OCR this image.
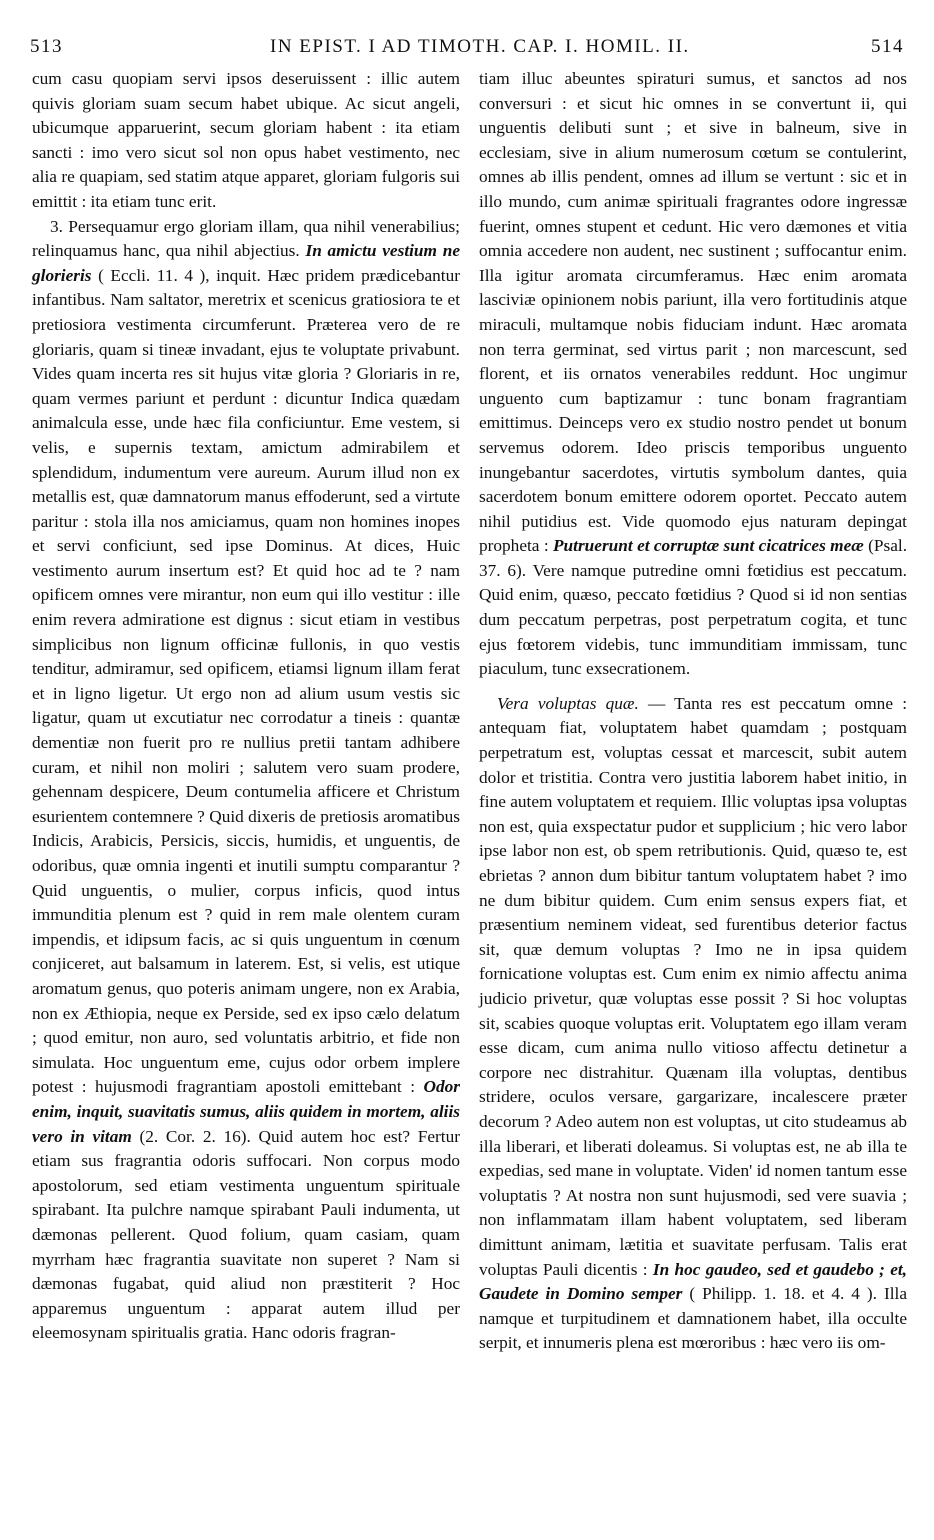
513	IN EPIST. I AD TIMOTH. CAP. I. HOMIL. II.	514

cum casu quopiam servi ipsos deseruissent : illic autem quivis gloriam suam secum habet ubique. Ac sicut angeli, ubicumque apparuerint, secum gloriam habent : ita etiam sancti : imo vero sicut sol non opus habet vestimento, nec alia re quapiam, sed statim atque apparet, gloriam fulgoris sui emittit : ita etiam tunc erit.

3. Persequamur ergo gloriam illam, qua nihil venerabilius; relinquamus hanc, qua nihil abjectius. In amictu vestium ne glorieris ( Eccli. 11. 4 ), inquit. Hæc pridem prædicebantur infantibus. Nam saltator, meretrix et scenicus gratiosiora te et pretiosiora vestimenta circumferunt. Præterea vero de re gloriaris, quam si tineæ invadant, ejus te voluptate privabunt. Vides quam incerta res sit hujus vitæ gloria ? Gloriaris in re, quam vermes pariunt et perdunt : dicuntur Indica quædam animalcula esse, unde hæc fila conficiuntur. Eme vestem, si velis, e supernis textam, amictum admirabilem et splendidum, indumentum vere aureum. Aurum illud non ex metallis est, quæ damnatorum manus effoderunt, sed a virtute paritur : stola illa nos amiciamus, quam non homines inopes et servi conficiunt, sed ipse Dominus. At dices, Huic vestimento aurum insertum est? Et quid hoc ad te ? nam opificem omnes vere mirantur, non eum qui illo vestitur : ille enim revera admiratione est dignus : sicut etiam in vestibus simplicibus non lignum officinæ fullonis, in quo vestis tenditur, admiramur, sed opificem, etiamsi lignum illam ferat et in ligno ligetur. Ut ergo non ad alium usum vestis sic ligatur, quam ut excutiatur nec corrodatur a tineis : quantæ dementiæ non fuerit pro re nullius pretii tantam adhibere curam, et nihil non moliri ; salutem vero suam prodere, gehennam despicere, Deum contumelia afficere et Christum esurientem contemnere ? Quid dixeris de pretiosis aromatibus Indicis, Arabicis, Persicis, siccis, humidis, et unguentis, de odoribus, quæ omnia ingenti et inutili sumptu comparantur ? Quid unguentis, o mulier, corpus inficis, quod intus immunditia plenum est ? quid in rem male olentem curam impendis, et idipsum facis, ac si quis unguentum in cœnum conjiceret, aut balsamum in laterem. Est, si velis, est utique aromatum genus, quo poteris animam ungere, non ex Arabia, non ex Æthiopia, neque ex Perside, sed ex ipso cælo delatum ; quod emitur, non auro, sed voluntatis arbitrio, et fide non simulata. Hoc unguentum eme, cujus odor orbem implere potest : hujusmodi fragrantiam apostoli emittebant : Odor enim, inquit, suavitatis sumus, aliis quidem in mortem, aliis vero in vitam (2. Cor. 2. 16). Quid autem hoc est? Fertur etiam sus fragrantia odoris suffocari. Non corpus modo apostolorum, sed etiam vestimenta unguentum spirituale spirabant. Ita pulchre namque spirabant Pauli indumenta, ut dæmonas pellerent. Quod folium, quam casiam, quam myrrham hæc fragrantia suavitate non superet ? Nam si dæmonas fugabat, quid aliud non præstiterit ? Hoc apparemus unguentum : apparat autem illud per eleemosynam spiritualis gratia. Hanc odoris fragran-

tiam illuc abeuntes spiraturi sumus, et sanctos ad nos conversuri : et sicut hic omnes in se convertunt ii, qui unguentis delibuti sunt ; et sive in balneum, sive in ecclesiam, sive in alium numerosum cœtum se contulerint, omnes ab illis pendent, omnes ad illum se vertunt : sic et in illo mundo, cum animæ spirituali fragrantes odore ingressæ fuerint, omnes stupent et cedunt. Hic vero dæmones et vitia omnia accedere non audent, nec sustinent ; suffocantur enim. Illa igitur aromata circumferamus. Hæc enim aromata lasciviæ opinionem nobis pariunt, illa vero fortitudinis atque miraculi, multamque nobis fiduciam indunt. Hæc aromata non terra germinat, sed virtus parit ; non marcescunt, sed florent, et iis ornatos venerabiles reddunt. Hoc ungimur unguento cum baptizamur : tunc bonam fragrantiam emittimus. Deinceps vero ex studio nostro pendet ut bonum servemus odorem. Ideo priscis temporibus unguento inungebantur sacerdotes, virtutis symbolum dantes, quia sacerdotem bonum emittere odorem oportet. Peccato autem nihil putidius est. Vide quomodo ejus naturam depingat propheta : Putruerunt et corruptæ sunt cicatrices meæ (Psal. 37. 6). Vere namque putredine omni fœtidius est peccatum. Quid enim, quæso, peccato fœtidius ? Quod si id non sentias dum peccatum perpetras, post perpetratum cogita, et tunc ejus fœtorem videbis, tunc immunditiam immissam, tunc piaculum, tunc exsecrationem.

Vera voluptas quæ. — Tanta res est peccatum omne : antequam fiat, voluptatem habet quamdam ; postquam perpetratum est, voluptas cessat et marcescit, subit autem dolor et tristitia. Contra vero justitia laborem habet initio, in fine autem voluptatem et requiem. Illic voluptas ipsa voluptas non est, quia exspectatur pudor et supplicium ; hic vero labor ipse labor non est, ob spem retributionis. Quid, quæso te, est ebrietas ? annon dum bibitur tantum voluptatem habet ? imo ne dum bibitur quidem. Cum enim sensus expers fiat, et præsentium neminem videat, sed furentibus deterior factus sit, quæ demum voluptas ? Imo ne in ipsa quidem fornicatione voluptas est. Cum enim ex nimio affectu anima judicio privetur, quæ voluptas esse possit ? Si hoc voluptas sit, scabies quoque voluptas erit. Voluptatem ego illam veram esse dicam, cum anima nullo vitioso affectu detinetur a corpore nec distrahitur. Quænam illa voluptas, dentibus stridere, oculos versare, gargarizare, incalescere præter decorum ? Adeo autem non est voluptas, ut cito studeamus ab illa liberari, et liberati doleamus. Si voluptas est, ne ab illa te expedias, sed mane in voluptate. Viden' id nomen tantum esse voluptatis ? At nostra non sunt hujusmodi, sed vere suavia ; non inflammatam illam habent voluptatem, sed liberam dimittunt animam, lætitia et suavitate perfusam. Talis erat voluptas Pauli dicentis : In hoc gaudeo, sed et gaudebo ; et, Gaudete in Domino semper ( Philipp. 1. 18. et 4. 4 ). Illa namque et turpitudinem et damnationem habet, illa occulte serpit, et innumeris plena est mœroribus : hæc vero iis om-
